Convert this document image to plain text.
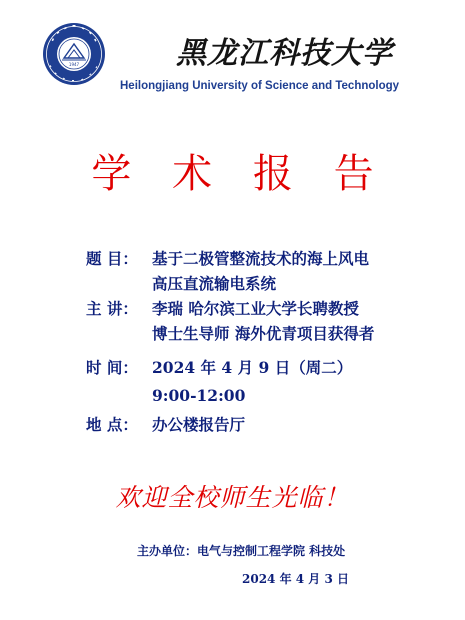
1947	黑龙江科技大学
Heilongjiang University of Science and Technology
学 术 报 告
题 目： 基于二极管整流技术的海上风电
高压直流输电系统
主 讲： 李瑞 哈尔滨工业大学长聘教授
博士生导师 海外优青项目获得者
时 间： 2024 年 4 月 9 日（周二）
9:00-12:00
地 点： 办公楼报告厅
欢迎全校师生光临！
主办单位：电气与控制工程学院 科技处
2024 年 4 月 3 日
